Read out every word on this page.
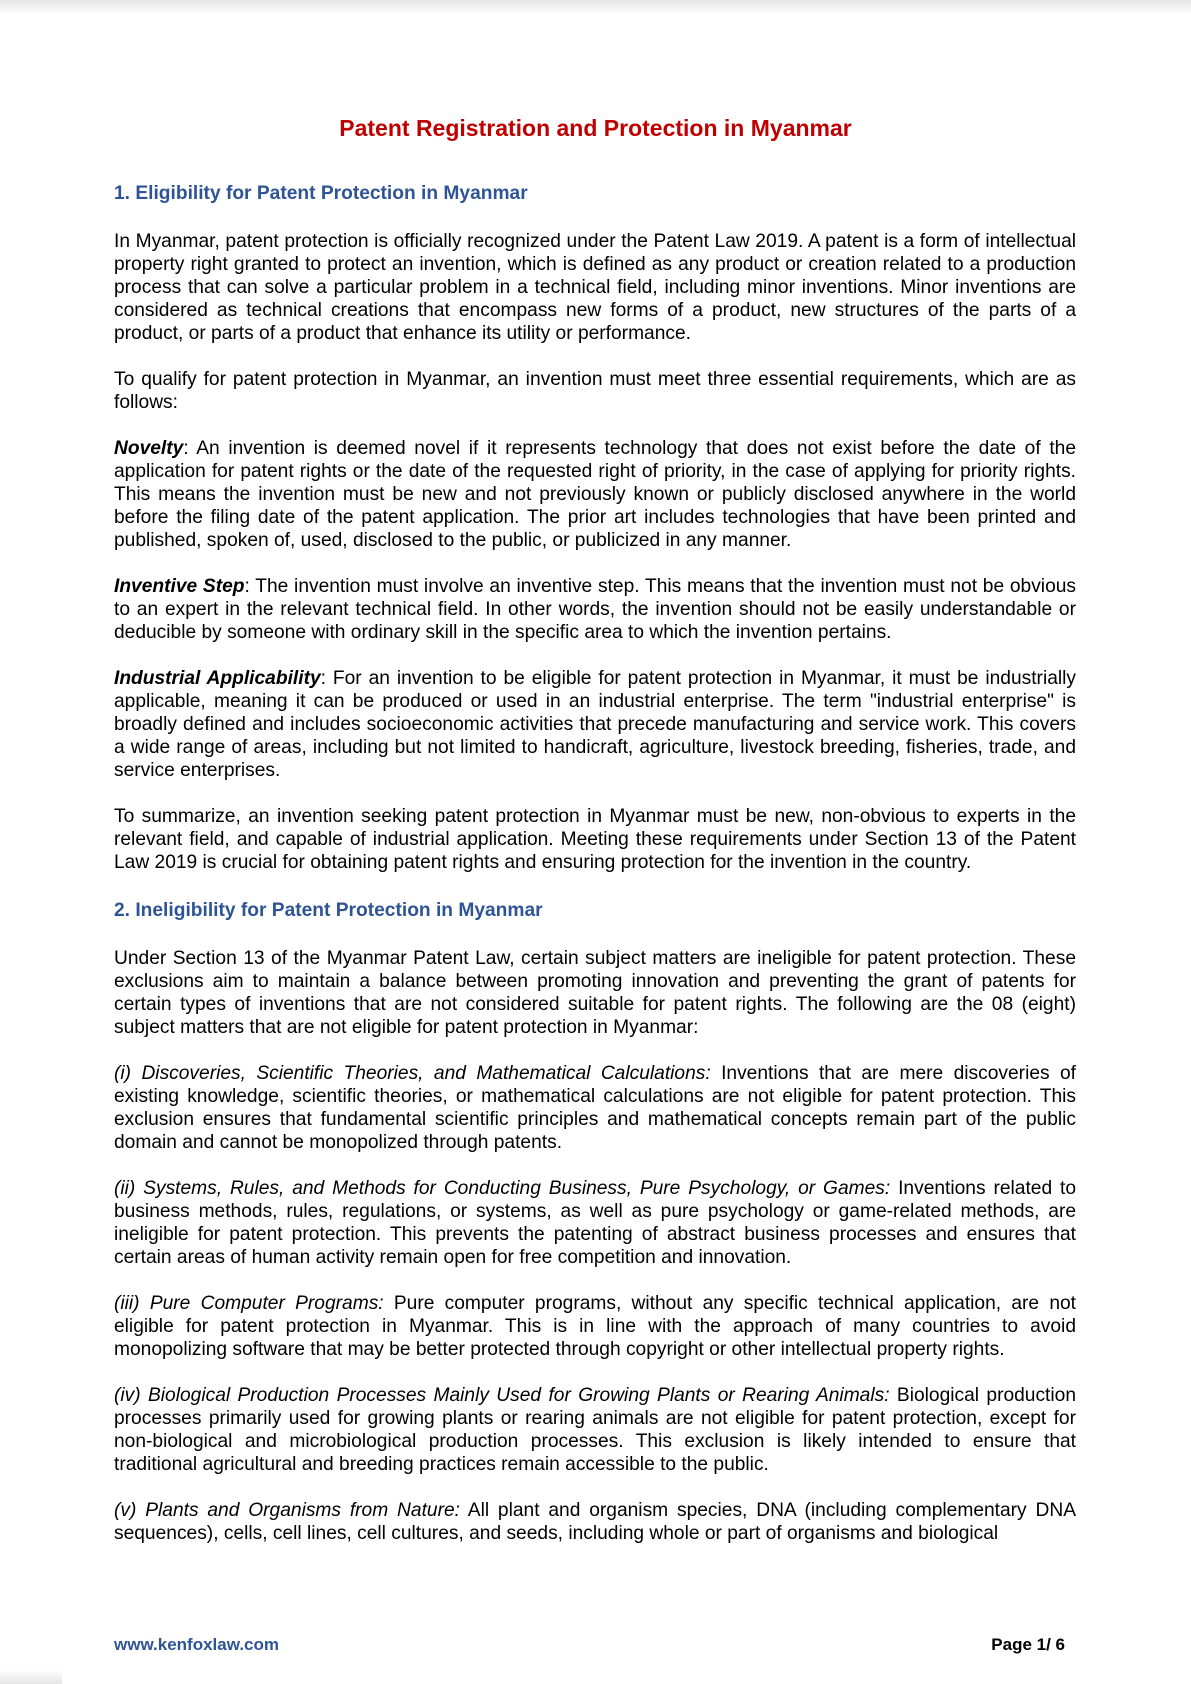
Patent Registration and Protection in Myanmar
1. Eligibility for Patent Protection in Myanmar

In Myanmar, patent protection is officially recognized under the Patent Law 2019. A patent is a form of intellectual property right granted to protect an invention, which is defined as any product or creation related to a production process that can solve a particular problem in a technical field, including minor inventions. Minor inventions are considered as technical creations that encompass new forms of a product, new structures of the parts of a product, or parts of a product that enhance its utility or performance.

To qualify for patent protection in Myanmar, an invention must meet three essential requirements, which are as follows:

Novelty: An invention is deemed novel if it represents technology that does not exist before the date of the application for patent rights or the date of the requested right of priority, in the case of applying for priority rights. This means the invention must be new and not previously known or publicly disclosed anywhere in the world before the filing date of the patent application. The prior art includes technologies that have been printed and published, spoken of, used, disclosed to the public, or publicized in any manner.

Inventive Step: The invention must involve an inventive step. This means that the invention must not be obvious to an expert in the relevant technical field. In other words, the invention should not be easily understandable or deducible by someone with ordinary skill in the specific area to which the invention pertains.

Industrial Applicability: For an invention to be eligible for patent protection in Myanmar, it must be industrially applicable, meaning it can be produced or used in an industrial enterprise. The term "industrial enterprise" is broadly defined and includes socioeconomic activities that precede manufacturing and service work. This covers a wide range of areas, including but not limited to handicraft, agriculture, livestock breeding, fisheries, trade, and service enterprises.

To summarize, an invention seeking patent protection in Myanmar must be new, non-obvious to experts in the relevant field, and capable of industrial application. Meeting these requirements under Section 13 of the Patent Law 2019 is crucial for obtaining patent rights and ensuring protection for the invention in the country.

2. Ineligibility for Patent Protection in Myanmar

Under Section 13 of the Myanmar Patent Law, certain subject matters are ineligible for patent protection. These exclusions aim to maintain a balance between promoting innovation and preventing the grant of patents for certain types of inventions that are not considered suitable for patent rights. The following are the 08 (eight) subject matters that are not eligible for patent protection in Myanmar:

(i) Discoveries, Scientific Theories, and Mathematical Calculations: Inventions that are mere discoveries of existing knowledge, scientific theories, or mathematical calculations are not eligible for patent protection. This exclusion ensures that fundamental scientific principles and mathematical concepts remain part of the public domain and cannot be monopolized through patents.

(ii) Systems, Rules, and Methods for Conducting Business, Pure Psychology, or Games: Inventions related to business methods, rules, regulations, or systems, as well as pure psychology or game-related methods, are ineligible for patent protection. This prevents the patenting of abstract business processes and ensures that certain areas of human activity remain open for free competition and innovation.

(iii) Pure Computer Programs: Pure computer programs, without any specific technical application, are not eligible for patent protection in Myanmar. This is in line with the approach of many countries to avoid monopolizing software that may be better protected through copyright or other intellectual property rights.

(iv) Biological Production Processes Mainly Used for Growing Plants or Rearing Animals: Biological production processes primarily used for growing plants or rearing animals are not eligible for patent protection, except for non-biological and microbiological production processes. This exclusion is likely intended to ensure that traditional agricultural and breeding practices remain accessible to the public.

(v) Plants and Organisms from Nature: All plant and organism species, DNA (including complementary DNA sequences), cells, cell lines, cell cultures, and seeds, including whole or part of organisms and biological

www.kenfoxlaw.com	Page 1/ 6
